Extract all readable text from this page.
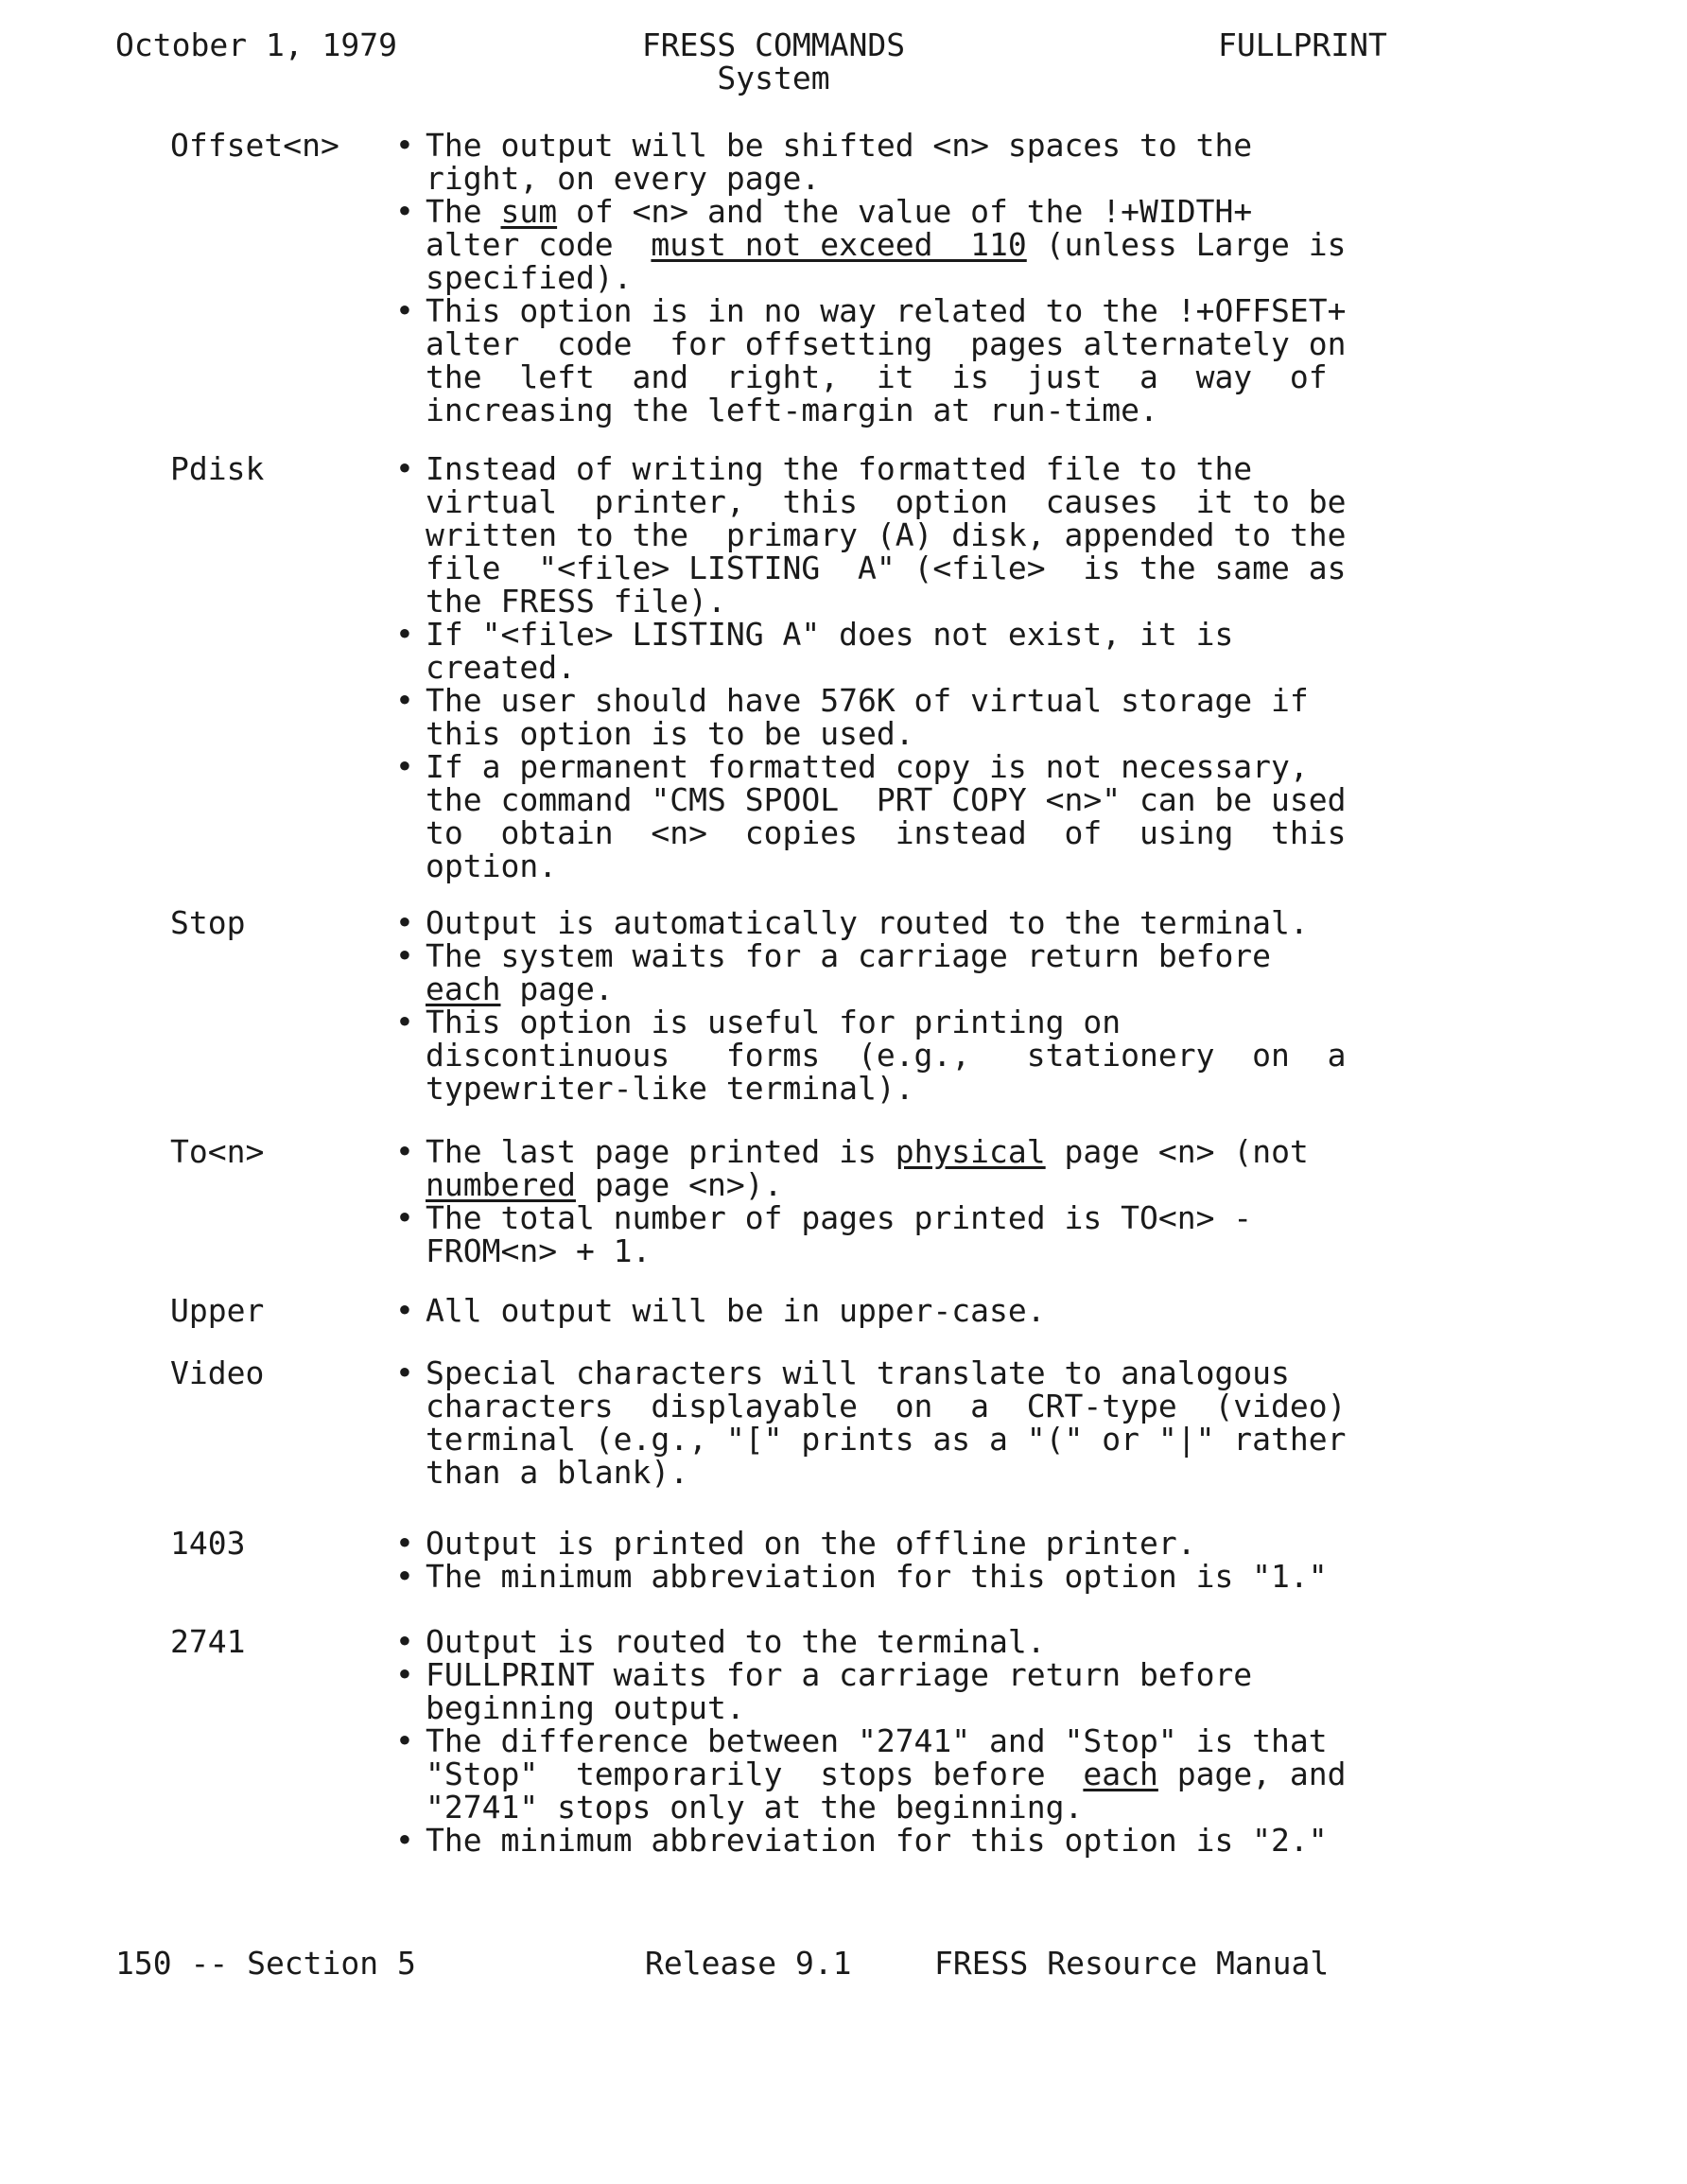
October 1, 1979	FRESS COMMANDS
System
FULLPRINT
Offset<n> • The output will be shifted <n> spaces to the
right, on every page.
• The sum of <n> and the value of the !+WIDTH+
alter code  must not exceed  110 (unless Large is
specified).
• This option is in no way related to the !+OFFSET+
alter  code  for offsetting  pages alternately on
the  left  and  right,  it  is  just  a  way  of
increasing the left-margin at run-time.
Pdisk	• Instead of writing the formatted file to the
virtual  printer,  this  option  causes  it to be
written to the  primary (A) disk, appended to the
file  "<file> LISTING  A" (<file>  is the same as
the FRESS file).
• If "<file> LISTING A" does not exist, it is
created.
• The user should have 576K of virtual storage if
this option is to be used.
• If a permanent formatted copy is not necessary,
the command "CMS SPOOL  PRT COPY <n>" can be used
to  obtain  <n>  copies  instead  of  using  this
option.
Stop	• Output is automatically routed to the terminal.
• The system waits for a carriage return before
each page.
• This option is useful for printing on
discontinuous   forms  (e.g.,   stationery  on  a
typewriter-like terminal).
To<n>	• The last page printed is physical page <n> (not
numbered page <n>).
• The total number of pages printed is TO<n> -
FROM<n> + 1.
Upper	• All output will be in upper-case.
Video	• Special characters will translate to analogous
characters  displayable  on  a  CRT-type  (video)
terminal (e.g., "[" prints as a "(" or "|" rather
than a blank).
1403	• Output is printed on the offline printer.
• The minimum abbreviation for this option is "1."
2741	• Output is routed to the terminal.
• FULLPRINT waits for a carriage return before
beginning output.
• The difference between "2741" and "Stop" is that
"Stop"  temporarily  stops before  each page, and
"2741" stops only at the beginning.
• The minimum abbreviation for this option is "2."
150 -- Section 5	Release 9.1	FRESS Resource Manual
